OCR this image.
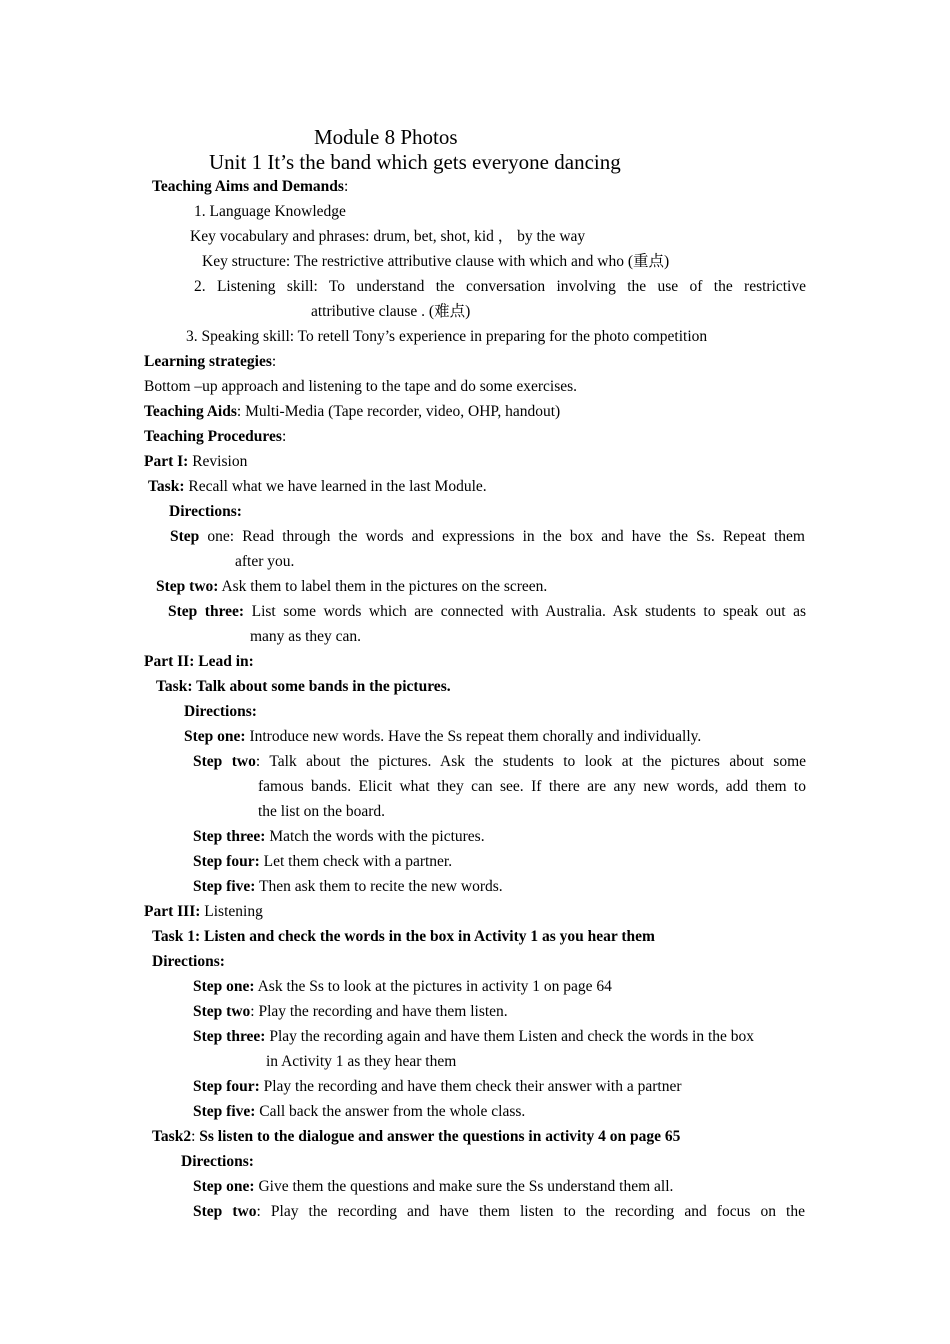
Module 8 Photos
Unit 1 It’s the band which gets everyone dancing
Teaching Aims and Demands:
1. Language Knowledge
Key vocabulary and phrases: drum, bet, shot, kid ， by the way
Key structure: The restrictive attributive clause with which and who (重点)
2. Listening skill: To understand the conversation involving the use of the restrictive
attributive clause . (难点)
3. Speaking skill: To retell Tony’s experience in preparing for the photo competition
Learning strategies:
Bottom –up approach and listening to the tape and do some exercises.
Teaching Aids: Multi-Media (Tape recorder, video, OHP, handout)
Teaching Procedures:
Part I: Revision
Task: Recall what we have learned in the last Module.
Directions:
Step one: Read through the words and expressions in the box and have the Ss. Repeat them
after you.
Step two: Ask them to label them in the pictures on the screen.
Step three: List some words which are connected with Australia. Ask students to speak out as
many as they can.
Part II: Lead in:
Task: Talk about some bands in the pictures.
Directions:
Step one: Introduce new words. Have the Ss repeat them chorally and individually.
Step two: Talk about the pictures. Ask the students to look at the pictures about some
famous bands. Elicit what they can see. If there are any new words, add them to
the list on the board.
Step three: Match the words with the pictures.
Step four: Let them check with a partner.
Step five: Then ask them to recite the new words.
Part III: Listening
Task 1: Listen and check the words in the box in Activity 1 as you hear them
Directions:
Step one: Ask the Ss to look at the pictures in activity 1 on page 64
Step two: Play the recording and have them listen.
Step three: Play the recording again and have them Listen and check the words in the box
in Activity 1 as they hear them
Step four: Play the recording and have them check their answer with a partner
Step five: Call back the answer from the whole class.
Task2: Ss listen to the dialogue and answer the questions in activity 4 on page 65
Directions:
Step one: Give them the questions and make sure the Ss understand them all.
Step two: Play the recording and have them listen to the recording and focus on the
